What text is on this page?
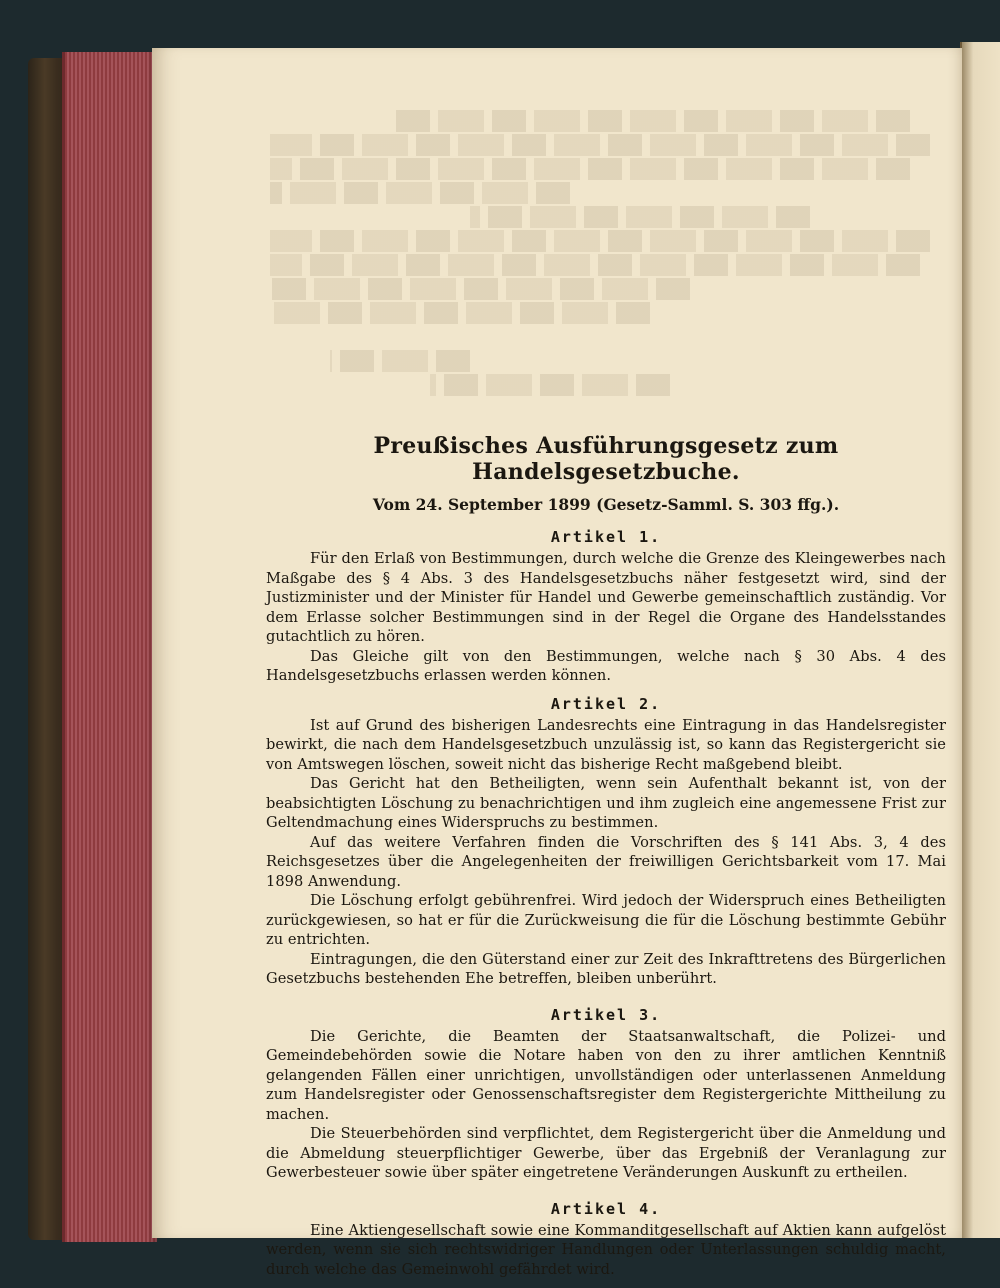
Preußisches Ausführungsgesetz zum Handelsgesetzbuche.

Vom 24. September 1899 (Gesetz-Samml. S. 303 ffg.).

Artikel 1.

Für den Erlaß von Bestimmungen, durch welche die Grenze des Kleingewerbes nach Maßgabe des § 4 Abs. 3 des Handelsgesetzbuchs näher festgesetzt wird, sind der Justizminister und der Minister für Handel und Gewerbe gemeinschaftlich zuständig. Vor dem Erlasse solcher Bestimmungen sind in der Regel die Organe des Handelsstandes gutachtlich zu hören.

Das Gleiche gilt von den Bestimmungen, welche nach § 30 Abs. 4 des Handelsgesetzbuchs erlassen werden können.

Artikel 2.

Ist auf Grund des bisherigen Landesrechts eine Eintragung in das Handelsregister bewirkt, die nach dem Handelsgesetzbuch unzulässig ist, so kann das Registergericht sie von Amtswegen löschen, soweit nicht das bisherige Recht maßgebend bleibt.

Das Gericht hat den Betheiligten, wenn sein Aufenthalt bekannt ist, von der beabsichtigten Löschung zu benachrichtigen und ihm zugleich eine angemessene Frist zur Geltendmachung eines Widerspruchs zu bestimmen.

Auf das weitere Verfahren finden die Vorschriften des § 141 Abs. 3, 4 des Reichsgesetzes über die Angelegenheiten der freiwilligen Gerichtsbarkeit vom 17. Mai 1898 Anwendung.

Die Löschung erfolgt gebührenfrei. Wird jedoch der Widerspruch eines Betheiligten zurückgewiesen, so hat er für die Zurückweisung die für die Löschung bestimmte Gebühr zu entrichten.

Eintragungen, die den Güterstand einer zur Zeit des Inkrafttretens des Bürgerlichen Gesetzbuchs bestehenden Ehe betreffen, bleiben unberührt.

Artikel 3.

Die Gerichte, die Beamten der Staatsanwaltschaft, die Polizei- und Gemeindebehörden sowie die Notare haben von den zu ihrer amtlichen Kenntniß gelangenden Fällen einer unrichtigen, unvollständigen oder unterlassenen Anmeldung zum Handelsregister oder Genossenschaftsregister dem Registergerichte Mittheilung zu machen.

Die Steuerbehörden sind verpflichtet, dem Registergericht über die Anmeldung und die Abmeldung steuerpflichtiger Gewerbe, über das Ergebniß der Veranlagung zur Gewerbesteuer sowie über später eingetretene Veränderungen Auskunft zu ertheilen.

Artikel 4.

Eine Aktiengesellschaft sowie eine Kommanditgesellschaft auf Aktien kann aufgelöst werden, wenn sie sich rechtswidriger Handlungen oder Unterlassungen schuldig macht, durch welche das Gemeinwohl gefährdet wird.
